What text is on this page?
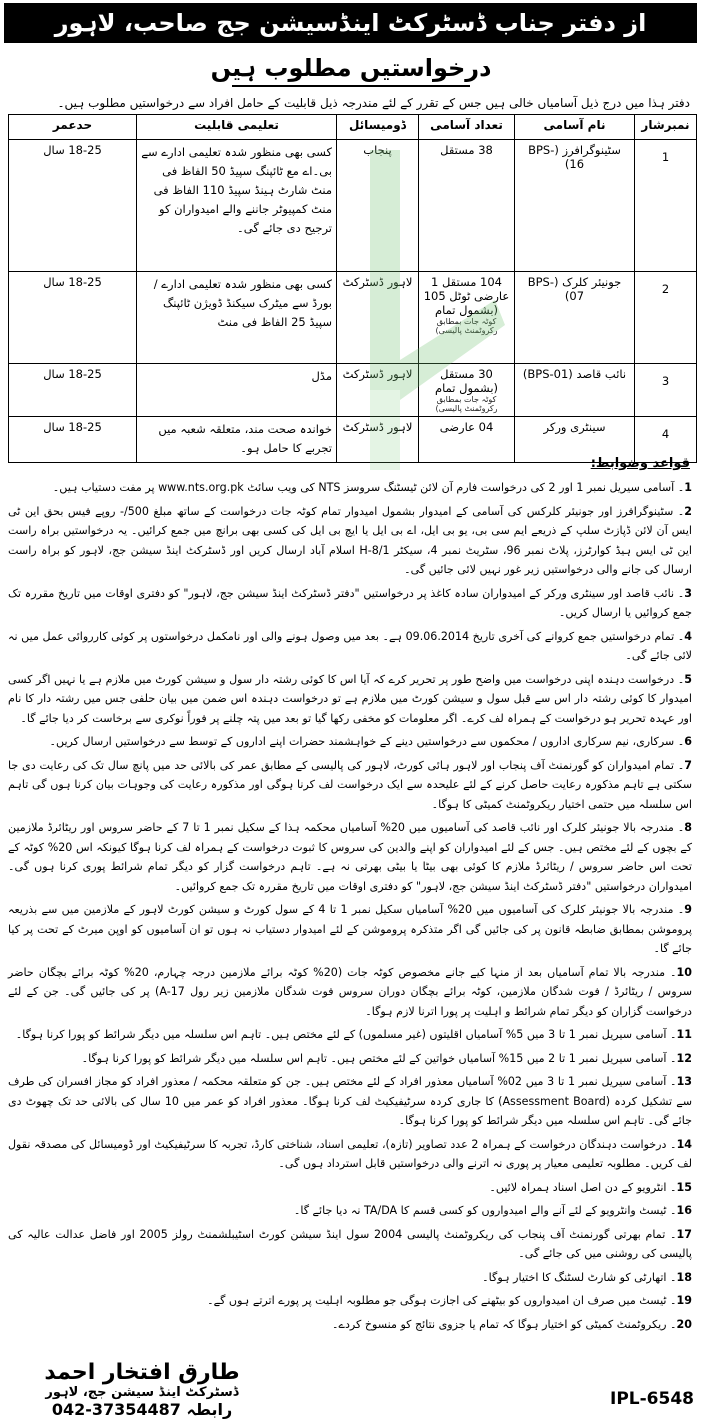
از دفتر جناب ڈسٹرکٹ اینڈسیشن جج صاحب، لاہور
درخواستیں مطلوب ہیں
دفتر ہذا میں درج ذیل آسامیاں خالی ہیں جس کے تقرر کے لئے مندرجہ ذیل قابلیت کے حامل افراد سے درخواستیں مطلوب ہیں۔
نمبرشار	نام آسامی	تعداد آسامی	ڈومیسائل	تعلیمی قابلیت	حدعمر
1	سٹینوگرافرز (BPS-16)	38 مستقل	پنجاب	کسی بھی منظور شدہ تعلیمی ادارے سے بی۔اے مع ٹائپنگ سپیڈ 50 الفاظ فی منٹ شارٹ ہینڈ سپیڈ 110 الفاظ فی منٹ کمپیوٹر جاننے والے امیدواران کو ترجیح دی جائے گی۔	18-25 سال
2	جونیئر کلرک (BPS-07)	104 مستقل 1 عارضی ٹوٹل 105 (بشمول تمام
کوٹہ جات بمطابق رکروٹمنٹ پالیسی)	لاہور ڈسٹرکٹ	کسی بھی منظور شدہ تعلیمی ادارے / بورڈ سے میٹرک سیکنڈ ڈویژن ٹائپنگ سپیڈ 25 الفاظ فی منٹ	18-25 سال
3	نائب قاصد (BPS-01)	30 مستقل (بشمول تمام
کوٹہ جات بمطابق رکروٹمنٹ پالیسی)	لاہور ڈسٹرکٹ	مڈل	18-25 سال
4	سینٹری ورکر	04 عارضی	لاہور ڈسٹرکٹ	خواندہ صحت مند، متعلقہ شعبہ میں تجربے کا حامل ہو۔	18-25 سال
قواعد وضوابط:
1۔ آسامی سیریل نمبر 1 اور 2 کی درخواست فارم آن لائن ٹیسٹنگ سروسز NTS کی ویب سائٹ www.nts.org.pk پر مفت دستیاب ہیں۔
2۔ سٹینوگرافرز اور جونیئر کلرکس کی آسامی کے امیدوار بشمول امیدوار تمام کوٹہ جات درخواست کے ساتھ مبلغ 500/- روپے فیس بحق این ٹی ایس آن لائن ڈپازٹ سلپ کے ذریعے ایم سی بی، یو بی ایل، اے بی ایل یا ایچ بی ایل کی کسی بھی برانچ میں جمع کرائیں۔ یہ درخواستیں براہ راست این ٹی ایس ہیڈ کوارٹرز، پلاٹ نمبر 96، سٹریٹ نمبر 4، سیکٹر H-8/1 اسلام آباد ارسال کریں اور ڈسٹرکٹ اینڈ سیشن جج، لاہور کو براہ راست ارسال کی جانے والی درخواستیں زیر غور نہیں لائی جائیں گی۔
3۔ نائب قاصد اور سینٹری ورکر کے امیدواران سادہ کاغذ پر درخواستیں "دفتر ڈسٹرکٹ اینڈ سیشن جج، لاہور" کو دفتری اوقات میں تاریخ مقررہ تک جمع کروائیں یا ارسال کریں۔
4۔ تمام درخواستیں جمع کروانے کی آخری تاریخ 09.06.2014 ہے۔ بعد میں وصول ہونے والی اور نامکمل درخواستوں پر کوئی کارروائی عمل میں نہ لائی جائے گی۔
5۔ درخواست دہندہ اپنی درخواست میں واضح طور پر تحریر کرے کہ آیا اس کا کوئی رشتہ دار سول و سیشن کورٹ میں ملازم ہے یا نہیں اگر کسی امیدوار کا کوئی رشتہ دار اس سے قبل سول و سیشن کورٹ میں ملازم ہے تو درخواست دہندہ اس ضمن میں بیان حلفی جس میں رشتہ دار کا نام اور عہدہ تحریر ہو درخواست کے ہمراہ لف کرے۔ اگر معلومات کو مخفی رکھا گیا تو بعد میں پتہ چلنے پر فوراً نوکری سے برخاست کر دیا جائے گا۔
6۔ سرکاری، نیم سرکاری اداروں / محکموں سے درخواستیں دینے کے خواہشمند حضرات اپنے اداروں کے توسط سے درخواستیں ارسال کریں۔
7۔ تمام امیدواران کو گورنمنٹ آف پنجاب اور لاہور ہائی کورٹ، لاہور کی پالیسی کے مطابق عمر کی بالائی حد میں پانچ سال تک کی رعایت دی جا سکتی ہے تاہم مذکورہ رعایت حاصل کرنے کے لئے علیحدہ سے ایک درخواست لف کرنا ہوگی اور مذکورہ رعایت کی وجوہات بیان کرنا ہوں گی تاہم اس سلسلہ میں حتمی اختیار ریکروٹمنٹ کمیٹی کا ہوگا۔
8۔ مندرجہ بالا جونیئر کلرک اور نائب قاصد کی آسامیوں میں 20% آسامیاں محکمہ ہذا کے سکیل نمبر 1 تا 7 کے حاضر سروس اور ریٹائرڈ ملازمین کے بچوں کے لئے مختص ہیں۔ جس کے لئے امیدواران کو اپنے والدین کی سروس کا ثبوت درخواست کے ہمراہ لف کرنا ہوگا کیونکہ اس 20% کوٹہ کے تحت اس حاضر سروس / ریٹائرڈ ملازم کا کوئی بھی بیٹا یا بیٹی بھرتی نہ ہے۔ تاہم درخواست گزار کو دیگر تمام شرائط پوری کرنا ہوں گی۔ امیدواران درخواستیں "دفتر ڈسٹرکٹ اینڈ سیشن جج، لاہور" کو دفتری اوقات میں تاریخ مقررہ تک جمع کروائیں۔
9۔ مندرجہ بالا جونیئر کلرک کی آسامیوں میں 20% آسامیاں سکیل نمبر 1 تا 4 کے سول کورٹ و سیشن کورٹ لاہور کے ملازمین میں سے بذریعہ پروموشن بمطابق ضابطہ قانون پر کی جائیں گی اگر متذکرہ پروموشن کے لئے امیدوار دستیاب نہ ہوں تو ان آسامیوں کو اوپن میرٹ کے تحت پر کیا جائے گا۔
10۔ مندرجہ بالا تمام آسامیاں بعد از منہا کیے جانے مخصوص کوٹہ جات (20% کوٹہ برائے ملازمین درجہ چہارم، 20% کوٹہ برائے بچگان حاضر سروس / ریٹائرڈ / فوت شدگان ملازمین، کوٹہ برائے بچگان دوران سروس فوت شدگان ملازمین زیر رول A-17) پر کی جائیں گی۔ جن کے لئے درخواست گزاران کو دیگر تمام شرائط و اہلیت پر پورا اترنا لازم ہوگا۔
11۔ آسامی سیریل نمبر 1 تا 3 میں 5% آسامیاں اقلیتوں (غیر مسلموں) کے لئے مختص ہیں۔ تاہم اس سلسلہ میں دیگر شرائط کو پورا کرنا ہوگا۔
12۔ آسامی سیریل نمبر 1 تا 2 میں 15% آسامیاں خواتین کے لئے مختص ہیں۔ تاہم اس سلسلہ میں دیگر شرائط کو پورا کرنا ہوگا۔
13۔ آسامی سیریل نمبر 1 تا 3 میں 02% آسامیاں معذور افراد کے لئے مختص ہیں۔ جن کو متعلقہ محکمہ / معذور افراد کو مجاز افسران کی طرف سے تشکیل کردہ (Assessment Board) کا جاری کردہ سرٹیفیکیٹ لف کرنا ہوگا۔ معذور افراد کو عمر میں 10 سال کی بالائی حد تک چھوٹ دی جائے گی۔ تاہم اس سلسلہ میں دیگر شرائط کو پورا کرنا ہوگا۔
14۔ درخواست دہندگان درخواست کے ہمراہ 2 عدد تصاویر (تازہ)، تعلیمی اسناد، شناختی کارڈ، تجربہ کا سرٹیفیکیٹ اور ڈومیسائل کی مصدقہ نقول لف کریں۔ مطلوبہ تعلیمی معیار پر پوری نہ اترنے والی درخواستیں قابل استرداد ہوں گی۔
15۔ انٹرویو کے دن اصل اسناد ہمراہ لائیں۔
16۔ ٹیسٹ وانٹرویو کے لئے آنے والے امیدواروں کو کسی قسم کا TA/DA نہ دیا جائے گا۔
17۔ تمام بھرتی گورنمنٹ آف پنجاب کی ریکروٹمنٹ پالیسی 2004 سول اینڈ سیشن کورٹ اسٹیبلشمنٹ رولز 2005 اور فاضل عدالت عالیہ کی پالیسی کی روشنی میں کی جائے گی۔
18۔ اتھارٹی کو شارٹ لسٹنگ کا اختیار ہوگا۔
19۔ ٹیسٹ میں صرف ان امیدواروں کو بیٹھنے کی اجازت ہوگی جو مطلوبہ اہلیت پر پورے اترتے ہوں گے۔
20۔ ریکروٹمنٹ کمیٹی کو اختیار ہوگا کہ تمام یا جزوی نتائج کو منسوخ کردے۔
طارق افتخار احمد
ڈسٹرکٹ اینڈ سیشن جج، لاہور
رابطہ 042-37354487
IPL-6548
